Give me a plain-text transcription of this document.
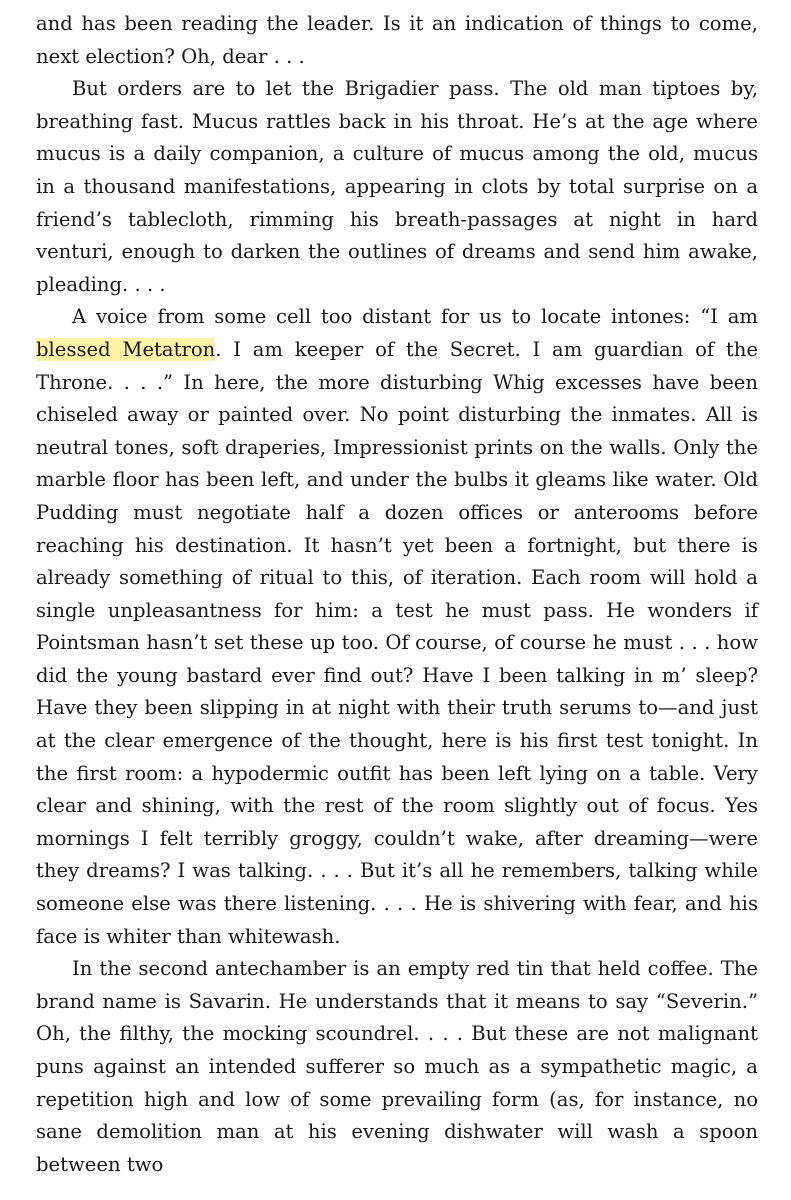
and has been reading the leader. Is it an indication of things to come, next election? Oh, dear . . .

But orders are to let the Brigadier pass. The old man tiptoes by, breathing fast. Mucus rattles back in his throat. He’s at the age where mucus is a daily companion, a culture of mucus among the old, mucus in a thousand manifestations, appearing in clots by total surprise on a friend’s tablecloth, rimming his breath-passages at night in hard venturi, enough to darken the outlines of dreams and send him awake, pleading. . . .

A voice from some cell too distant for us to locate intones: “I am blessed Metatron. I am keeper of the Secret. I am guardian of the Throne. . . .” In here, the more disturbing Whig excesses have been chiseled away or painted over. No point disturbing the inmates. All is neutral tones, soft draperies, Impressionist prints on the walls. Only the marble floor has been left, and under the bulbs it gleams like water. Old Pudding must negotiate half a dozen offices or anterooms before reaching his destination. It hasn’t yet been a fortnight, but there is already something of ritual to this, of iteration. Each room will hold a single unpleasantness for him: a test he must pass. He wonders if Pointsman hasn’t set these up too. Of course, of course he must . . . how did the young bastard ever find out? Have I been talking in m’ sleep? Have they been slipping in at night with their truth serums to—and just at the clear emergence of the thought, here is his first test tonight. In the first room: a hypodermic outfit has been left lying on a table. Very clear and shining, with the rest of the room slightly out of focus. Yes mornings I felt terribly groggy, couldn’t wake, after dreaming—were they dreams? I was talking. . . . But it’s all he remembers, talking while someone else was there listening. . . . He is shivering with fear, and his face is whiter than whitewash.

In the second antechamber is an empty red tin that held coffee. The brand name is Savarin. He understands that it means to say “Severin.” Oh, the filthy, the mocking scoundrel. . . . But these are not malignant puns against an intended sufferer so much as a sympathetic magic, a repetition high and low of some prevailing form (as, for instance, no sane demolition man at his evening dishwater will wash a spoon between two
